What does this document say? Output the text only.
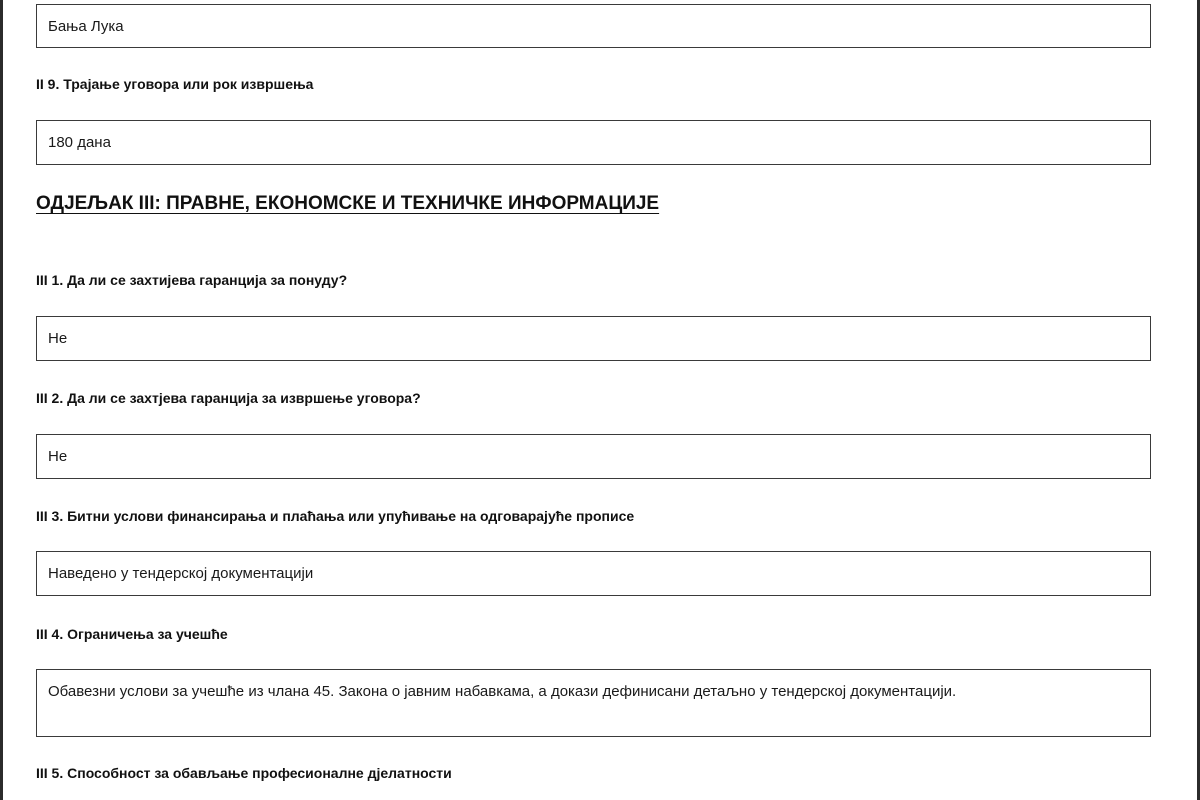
Бања Лука
II 9. Трајање уговора или рок извршења
180 дана
ОДЈЕЉАК III: ПРАВНЕ, ЕКОНОМСКЕ И ТЕХНИЧКЕ ИНФОРМАЦИЈЕ
III 1. Да ли се захтијева гаранција за понуду?
Не
III 2. Да ли се захтјева гаранција за извршење уговора?
Не
III 3. Битни услови финансирања и плаћања или упућивање на одговарајуће прописе
Наведено у тендерској документацији
III 4. Ограничења за учешће
Обавезни услови за учешће из члана 45. Закона о јавним набавкама, а докази дефинисани детаљно у тендерској документацији.
III 5. Способност за обављање професионалне дјелатности
